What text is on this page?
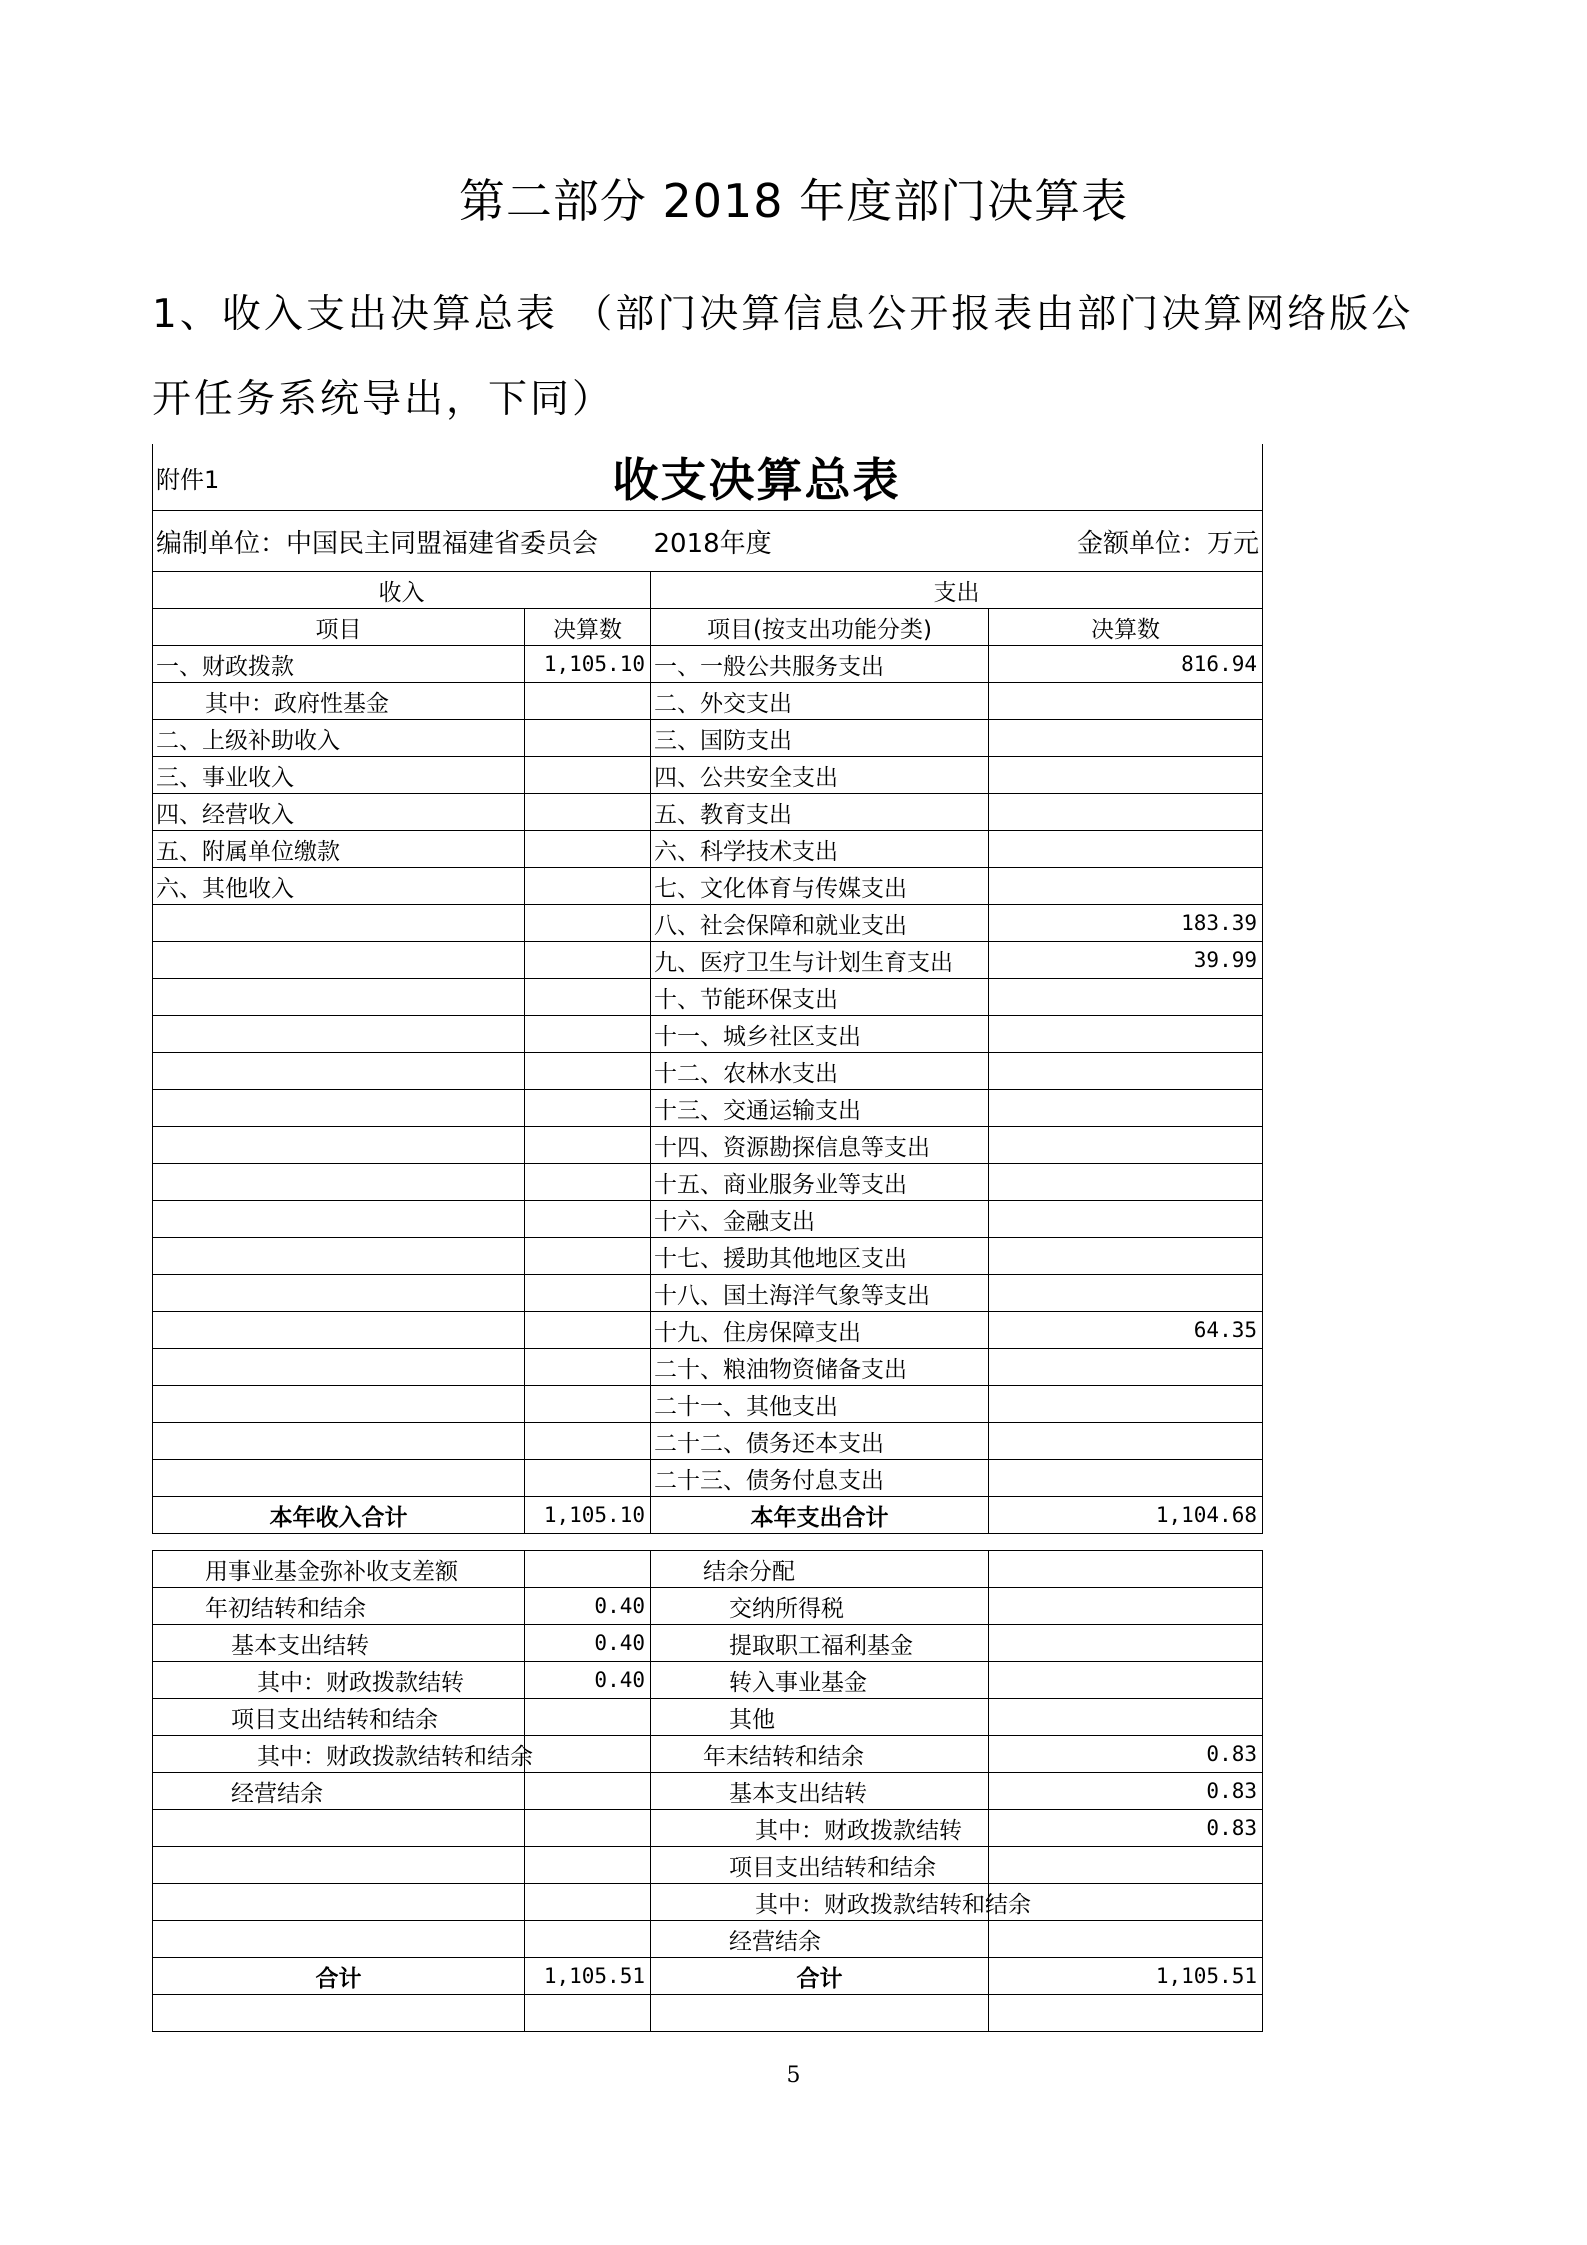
第二部分 2018 年度部门决算表
1、收入支出决算总表 （部门决算信息公开报表由部门决算网络版公开任务系统导出，下同）
附件1	收支决算总表		
编制单位：中国民主同盟福建省委员会		2018年度	金额单位：万元
收入		支出	
项目	决算数	项目(按支出功能分类)	决算数
一、财政拨款	1,105.10	一、一般公共服务支出	816.94
其中：政府性基金		二、外交支出	
二、上级补助收入		三、国防支出	
三、事业收入		四、公共安全支出	
四、经营收入		五、教育支出	
五、附属单位缴款		六、科学技术支出	
六、其他收入		七、文化体育与传媒支出	
		八、社会保障和就业支出	183.39
		九、医疗卫生与计划生育支出	39.99
		十、节能环保支出	
		十一、城乡社区支出	
		十二、农林水支出	
		十三、交通运输支出	
		十四、资源勘探信息等支出	
		十五、商业服务业等支出	
		十六、金融支出	
		十七、援助其他地区支出	
		十八、国土海洋气象等支出	
		十九、住房保障支出	64.35
		二十、粮油物资储备支出	
		二十一、其他支出	
		二十二、债务还本支出	
		二十三、债务付息支出	
本年收入合计	1,105.10	本年支出合计	1,104.68

用事业基金弥补收支差额		结余分配	
年初结转和结余	0.40	交纳所得税	
基本支出结转	0.40	提取职工福利基金	
其中：财政拨款结转	0.40	转入事业基金	
项目支出结转和结余		其他	
其中：财政拨款结转和结余		年末结转和结余	0.83
经营结余		基本支出结转	0.83
		其中：财政拨款结转	0.83
		项目支出结转和结余	
		其中：财政拨款结转和结余	
		经营结余	
合计	1,105.51	合计	1,105.51

5
